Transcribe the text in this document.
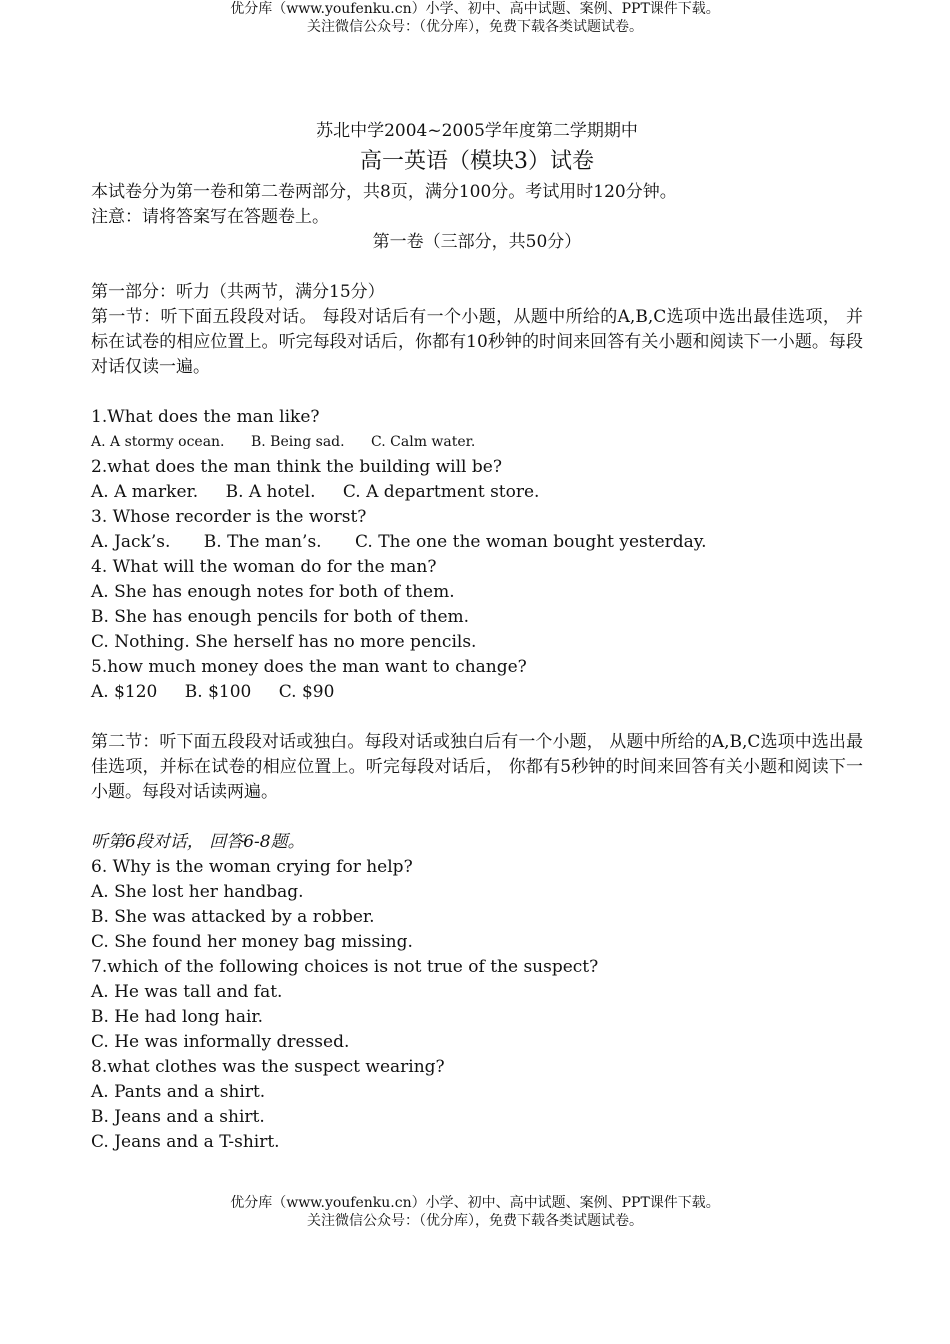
优分库（www.youfenku.cn）小学、初中、高中试题、案例、PPT课件下载。
关注微信公众号：（优分库），免费下载各类试题试卷。
苏北中学2004~2005学年度第二学期期中
高一英语（模块3）试卷
本试卷分为第一卷和第二卷两部分，共8页，满分100分。考试用时120分钟。
注意：请将答案写在答题卷上。
第一卷（三部分，共50分）
第一部分：听力（共两节，满分15分）
第一节：听下面五段段对话。 每段对话后有一个小题，从题中所给的A,B,C选项中选出最佳选项， 并标在试卷的相应位置上。听完每段对话后，你都有10秒钟的时间来回答有关小题和阅读下一小题。每段对话仅读一遍。
1.What does the man like?
A. A stormy ocean. B. Being sad. C. Calm water.
2.what does the man think the building will be?
A. A marker. B. A hotel. C. A department store.
3. Whose recorder is the worst?
A. Jack’s. B. The man’s. C. The one the woman bought yesterday.
4. What will the woman do for the man?
A. She has enough notes for both of them.
B. She has enough pencils for both of them.
C. Nothing. She herself has no more pencils.
5.how much money does the man want to change?
A. $120 B. $100 C. $90
第二节：听下面五段段对话或独白。每段对话或独白后有一个小题， 从题中所给的A,B,C选项中选出最佳选项，并标在试卷的相应位置上。听完每段对话后， 你都有5秒钟的时间来回答有关小题和阅读下一小题。每段对话读两遍。
听第6段对话， 回答6-8题。
6. Why is the woman crying for help?
A. She lost her handbag.
B. She was attacked by a robber.
C. She found her money bag missing.
7.which of the following choices is not true of the suspect?
A. He was tall and fat.
B. He had long hair.
C. He was informally dressed.
8.what clothes was the suspect wearing?
A. Pants and a shirt.
B. Jeans and a shirt.
C. Jeans and a T-shirt.
优分库（www.youfenku.cn）小学、初中、高中试题、案例、PPT课件下载。
关注微信公众号：（优分库），免费下载各类试题试卷。
